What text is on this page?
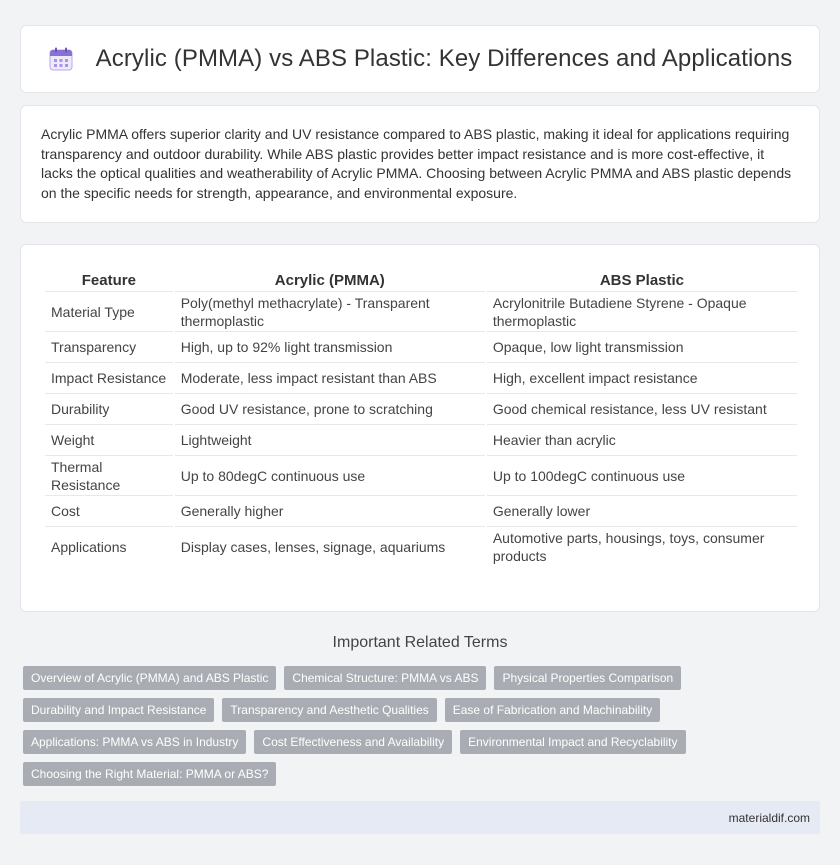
Acrylic (PMMA) vs ABS Plastic: Key Differences and Applications

Acrylic PMMA offers superior clarity and UV resistance compared to ABS plastic, making it ideal for applications requiring transparency and outdoor durability. While ABS plastic provides better impact resistance and is more cost-effective, it lacks the optical qualities and weatherability of Acrylic PMMA. Choosing between Acrylic PMMA and ABS plastic depends on the specific needs for strength, appearance, and environmental exposure.

Feature	Acrylic (PMMA)	ABS Plastic
Material Type	Poly(methyl methacrylate) - Transparent thermoplastic	Acrylonitrile Butadiene Styrene - Opaque thermoplastic
Transparency	High, up to 92% light transmission	Opaque, low light transmission
Impact Resistance	Moderate, less impact resistant than ABS	High, excellent impact resistance
Durability	Good UV resistance, prone to scratching	Good chemical resistance, less UV resistant
Weight	Lightweight	Heavier than acrylic
Thermal Resistance	Up to 80degC continuous use	Up to 100degC continuous use
Cost	Generally higher	Generally lower
Applications	Display cases, lenses, signage, aquariums	Automotive parts, housings, toys, consumer products
Important Related Terms
Overview of Acrylic (PMMA) and ABS Plastic	Chemical Structure: PMMA vs ABS	Physical Properties Comparison
Durability and Impact Resistance	Transparency and Aesthetic Qualities	Ease of Fabrication and Machinability
Applications: PMMA vs ABS in Industry	Cost Effectiveness and Availability	Environmental Impact and Recyclability
Choosing the Right Material: PMMA or ABS?
materialdif.com
